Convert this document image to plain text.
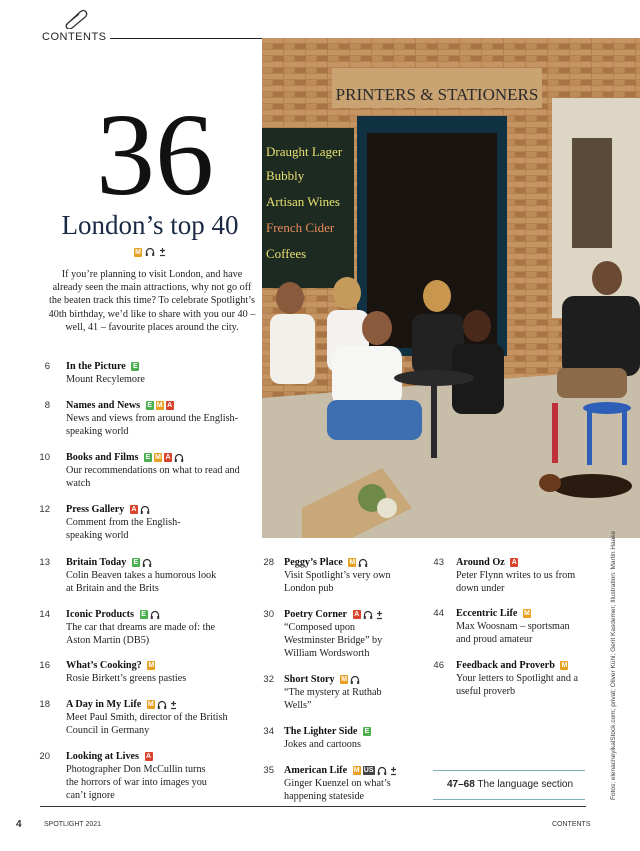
CONTENTS
PRINTERS & STATIONERS
Draught Lager
Bubbly
Artisan Wines
French Cider
Coffees
36
London’s top 40
M
If you’re planning to visit London, and have already seen the main attractions, why not go off the beaten track this time? To celebrate Spotlight’s 40th birthday, we’d like to share with you our 40 – well, 41 – favourite places around the city.
6 In the Picture E

Mount Recylemore
8 Names and News E M A

News and views from around the English-speaking world
10 Books and Films E M A

Our recommendations on what to read and watch
12 Press Gallery A

Comment from the English-speaking world
13 Britain Today E

Colin Beaven takes a humorous look at Britain and the Brits
14 Iconic Products E

The car that dreams are made of: the Aston Martin (DB5)
16 What’s Cooking? M

Rosie Birkett’s greens pasties
18 A Day in My Life M

Meet Paul Smith, director of the British Council in Germany
20 Looking at Lives A

Photographer Don McCullin turns the horrors of war into images you can’t ignore
28 Peggy’s Place M

Visit Spotlight’s very own London pub
30 Poetry Corner A

“Composed upon Westminster Bridge” by William Wordsworth
32 Short Story M

“The mystery at Ruthab Wells”
34 The Lighter Side E

Jokes and cartoons
35 American Life M US

Ginger Kuenzel on what’s happening stateside
43 Around Oz A

Peter Flynn writes to us from down under
44 Eccentric Life M

Max Woosnam – sportsman and proud amateur
46 Feedback and Proverb M

Your letters to Spotlight and a useful proverb
47–68 The language section	Fotos: elenacheyikalStock.com; privat; Oliver Kühl; Gerit Kasdemer; Illustration: Martin Haake
4	SPOTLIGHT 2021	CONTENTS
